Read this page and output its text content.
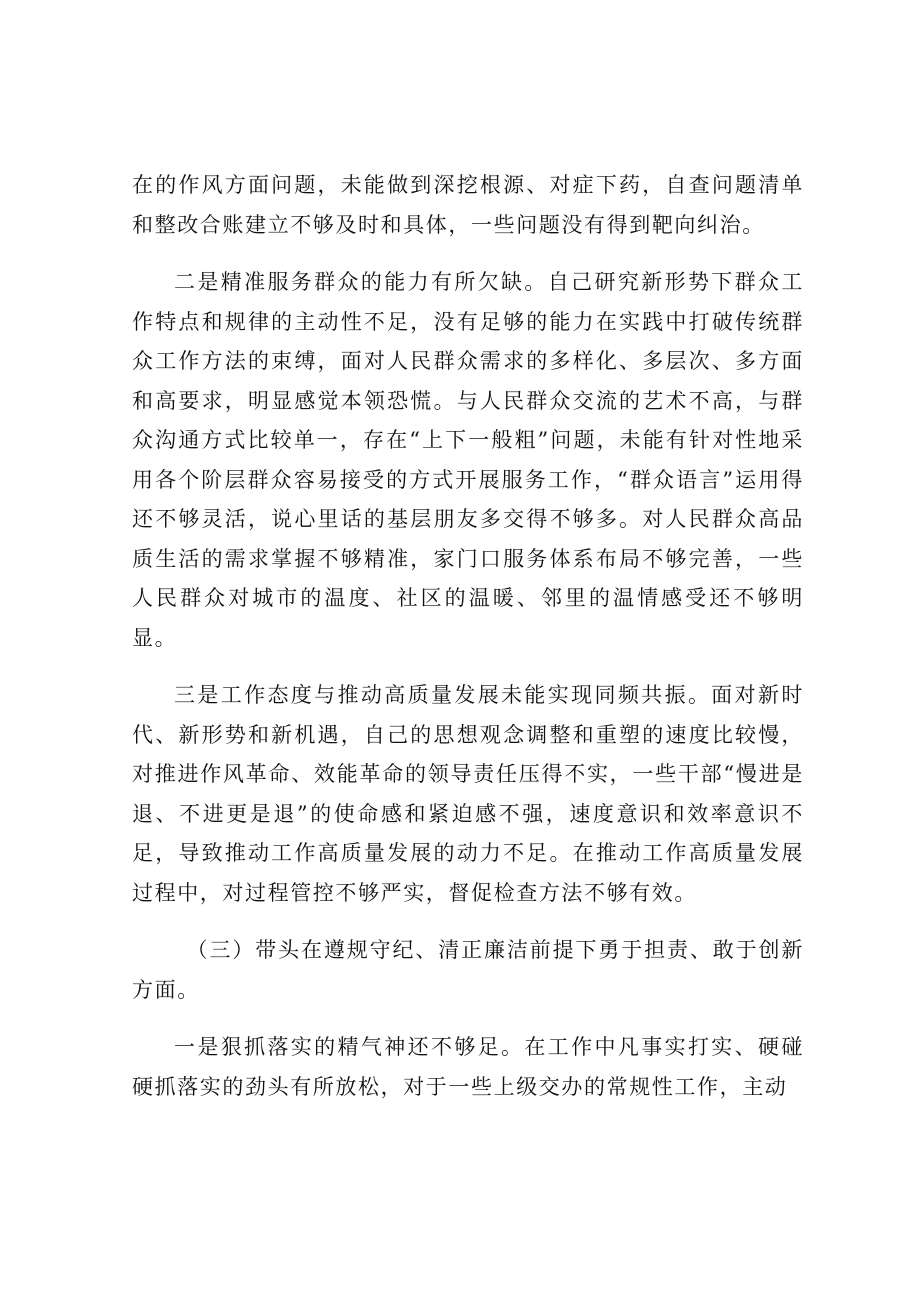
在的作风方面问题，未能做到深挖根源、对症下药，自查问题清单和整改合账建立不够及时和具体，一些问题没有得到靶向纠治。

二是精准服务群众的能力有所欠缺。自己研究新形势下群众工作特点和规律的主动性不足，没有足够的能力在实践中打破传统群众工作方法的束缚，面对人民群众需求的多样化、多层次、多方面和高要求，明显感觉本领恐慌。与人民群众交流的艺术不高，与群众沟通方式比较单一，存在“上下一般粗”问题，未能有针对性地采用各个阶层群众容易接受的方式开展服务工作，“群众语言”运用得还不够灵活，说心里话的基层朋友多交得不够多。对人民群众高品质生活的需求掌握不够精准，家门口服务体系布局不够完善，一些人民群众对城市的温度、社区的温暖、邻里的温情感受还不够明显。

三是工作态度与推动高质量发展未能实现同频共振。面对新时代、新形势和新机遇，自己的思想观念调整和重塑的速度比较慢，对推进作风革命、效能革命的领导责任压得不实，一些干部“慢进是退、不进更是退”的使命感和紧迫感不强，速度意识和效率意识不足，导致推动工作高质量发展的动力不足。在推动工作高质量发展过程中，对过程管控不够严实，督促检查方法不够有效。

（三）带头在遵规守纪、清正廉洁前提下勇于担责、敢于创新方面。

一是狠抓落实的精气神还不够足。在工作中凡事实打实、硬碰硬抓落实的劲头有所放松，对于一些上级交办的常规性工作，主动
